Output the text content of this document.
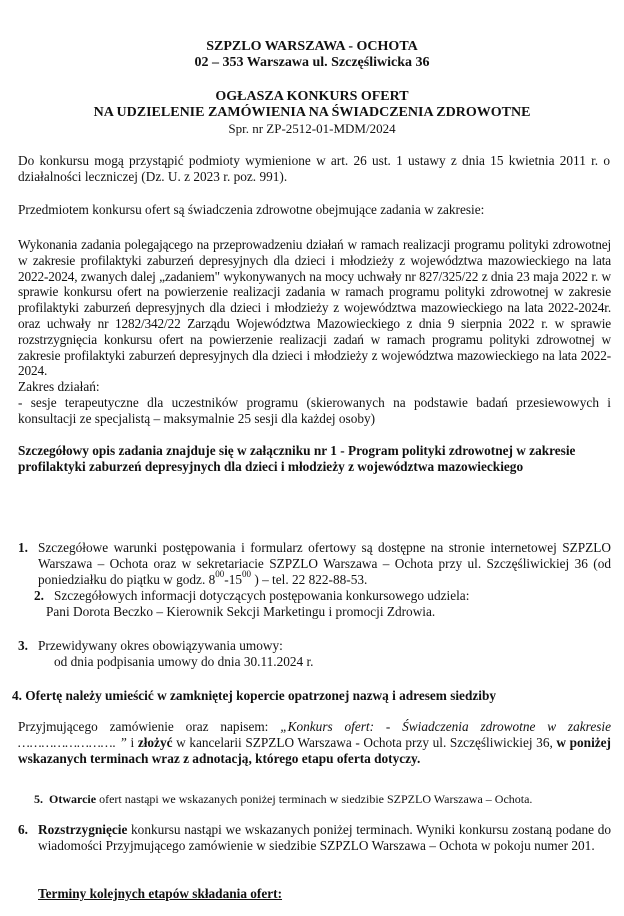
SZPZLO WARSZAWA - OCHOTA
02 – 353 Warszawa ul. Szczęśliwicka 36
OGŁASZA KONKURS OFERT
NA UDZIELENIE ZAMÓWIENIA NA ŚWIADCZENIA ZDROWOTNE
Spr. nr ZP-2512-01-MDM/2024
Do konkursu mogą przystąpić podmioty wymienione w art. 26 ust. 1 ustawy z dnia 15 kwietnia 2011 r. o działalności leczniczej (Dz. U. z 2023 r. poz. 991).
Przedmiotem konkursu ofert są świadczenia zdrowotne obejmujące zadania w zakresie:
Wykonania zadania polegającego na przeprowadzeniu działań w ramach realizacji programu polityki zdrowotnej w zakresie profilaktyki zaburzeń depresyjnych dla dzieci i młodzieży z województwa mazowieckiego na lata 2022-2024, zwanych dalej „zadaniem" wykonywanych na mocy uchwały nr 827/325/22 z dnia 23 maja 2022 r. w sprawie konkursu ofert na powierzenie realizacji zadania w ramach programu polityki zdrowotnej w zakresie profilaktyki zaburzeń depresyjnych dla dzieci i młodzieży z województwa mazowieckiego na lata 2022-2024r. oraz uchwały nr 1282/342/22 Zarządu Województwa Mazowieckiego z dnia 9 sierpnia 2022 r. w sprawie rozstrzygnięcia konkursu ofert na powierzenie realizacji zadań w ramach programu polityki zdrowotnej w zakresie profilaktyki zaburzeń depresyjnych dla dzieci i młodzieży z województwa mazowieckiego na lata 2022-2024.
Zakres działań:
- sesje terapeutyczne dla uczestników programu (skierowanych na podstawie badań przesiewowych i konsultacji ze specjalistą – maksymalnie 25 sesji dla każdej osoby)
Szczegółowy opis zadania znajduje się w załączniku nr 1 - Program polityki zdrowotnej w zakresie profilaktyki zaburzeń depresyjnych dla dzieci i młodzieży z województwa mazowieckiego
1. Szczegółowe warunki postępowania i formularz ofertowy są dostępne na stronie internetowej SZPZLO Warszawa – Ochota oraz w sekretariacie SZPZLO Warszawa – Ochota przy ul. Szczęśliwickiej 36 (od poniedziałku do piątku w godz. $8^{00}-15^{00}$ ) – tel. 22 822-88-53.
2. Szczegółowych informacji dotyczących postępowania konkursowego udziela:
Pani Dorota Beczko – Kierownik Sekcji Marketingu i promocji Zdrowia.
3. Przewidywany okres obowiązywania umowy:
od dnia podpisania umowy do dnia 30.11.2024 r.
4. Ofertę należy umieścić w zamkniętej kopercie opatrzonej nazwą i adresem siedziby
Przyjmującego zamówienie oraz napisem: „Konkurs ofert: - Świadczenia zdrowotne w zakresie ……………………. ” i złożyć w kancelarii SZPZLO Warszawa - Ochota przy ul. Szczęśliwickiej 36, w poniżej wskazanych terminach wraz z adnotacją, którego etapu oferta dotyczy.
5. Otwarcie ofert nastąpi we wskazanych poniżej terminach w siedzibie SZPZLO Warszawa – Ochota.
6. Rozstrzygnięcie konkursu nastąpi we wskazanych poniżej terminach. Wyniki konkursu zostaną podane do wiadomości Przyjmującego zamówienie w siedzibie SZPZLO Warszawa – Ochota w pokoju numer 201.
Terminy kolejnych etapów składania ofert:
